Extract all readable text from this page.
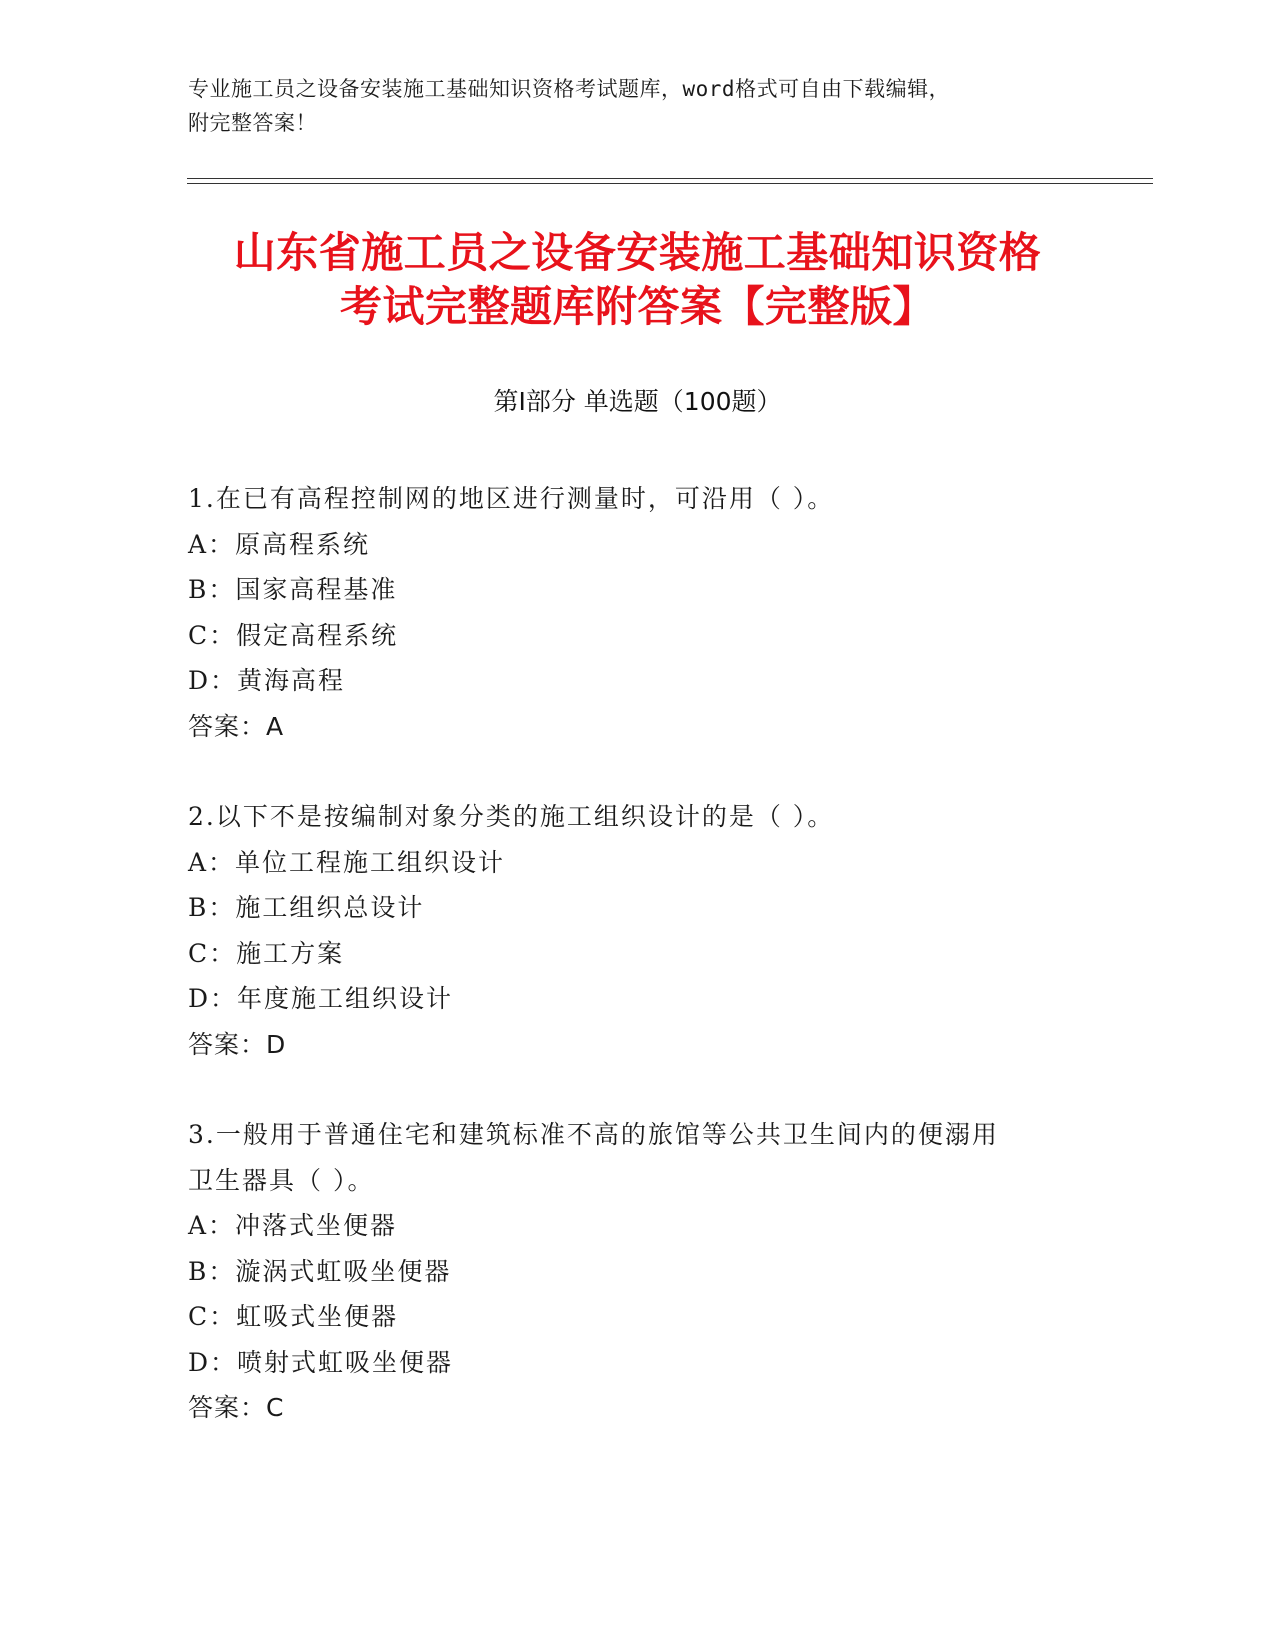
专业施工员之设备安装施工基础知识资格考试题库，word格式可自由下载编辑，
附完整答案！
山东省施工员之设备安装施工基础知识资格
考试完整题库附答案【完整版】
第Ⅰ部分 单选题（100题）
1.在已有高程控制网的地区进行测量时，可沿用（ ）。
A：原高程系统
B：国家高程基准
C：假定高程系统
D：黄海高程
答案：A
2.以下不是按编制对象分类的施工组织设计的是（ ）。
A：单位工程施工组织设计
B：施工组织总设计
C：施工方案
D：年度施工组织设计
答案：D
3.一般用于普通住宅和建筑标准不高的旅馆等公共卫生间内的便溺用
卫生器具（ ）。
A：冲落式坐便器
B：漩涡式虹吸坐便器
C：虹吸式坐便器
D：喷射式虹吸坐便器
答案：C
